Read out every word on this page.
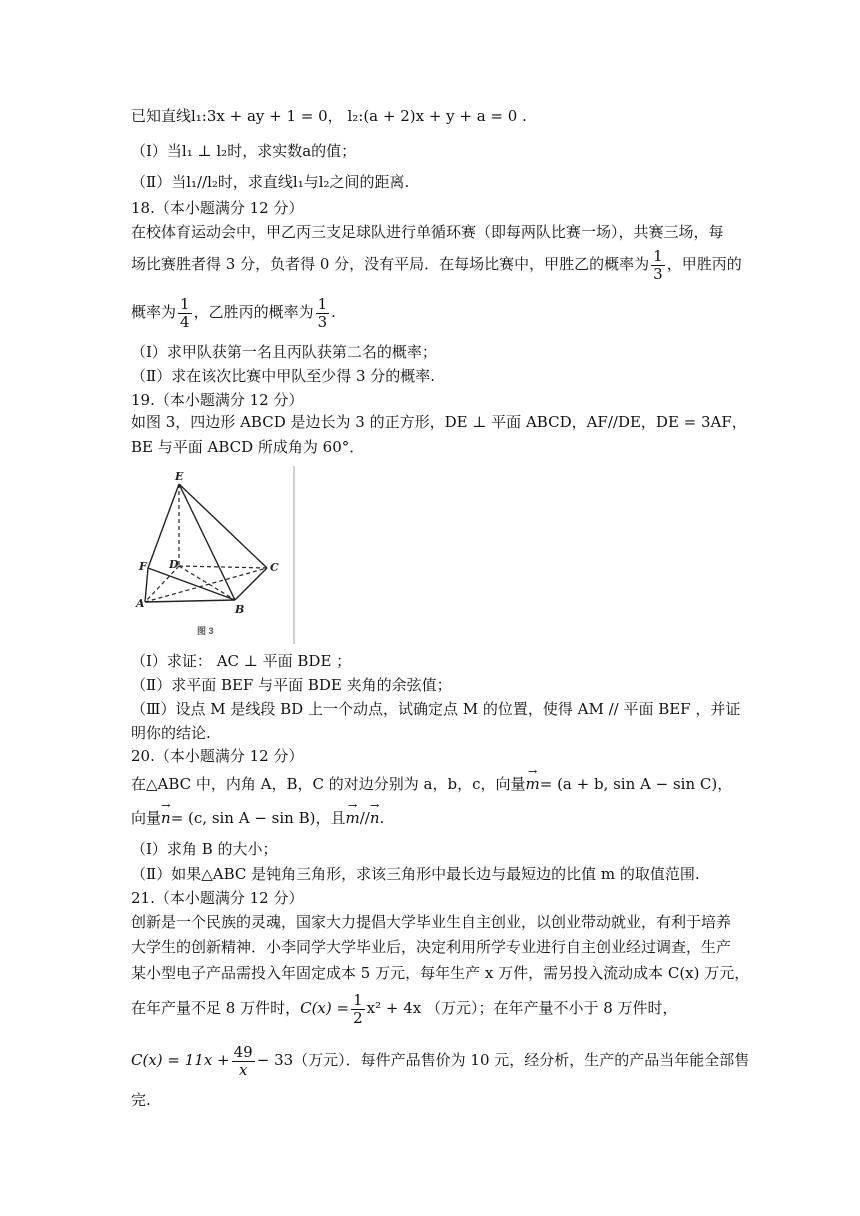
已知直线l₁:3x + ay + 1 = 0， l₂:(a + 2)x + y + a = 0 .
（Ⅰ）当l₁ ⊥ l₂时，求实数a的值；
（Ⅱ）当l₁//l₂时，求直线l₁与l₂之间的距离.
18.（本小题满分 12 分）
在校体育运动会中，甲乙丙三支足球队进行单循环赛（即每两队比赛一场），共赛三场，每
场比赛胜者得 3 分，负者得 0 分，没有平局．在每场比赛中，甲胜乙的概率为 $\frac{1}{3}$ ，甲胜丙的
概率为 $\frac{1}{4}$ ，乙胜丙的概率为 $\frac{1}{3}$ .
（Ⅰ）求甲队获第一名且丙队获第二名的概率；
（Ⅱ）求在该次比赛中甲队至少得 3 分的概率.
19.（本小题满分 12 分）
如图 3，四边形 ABCD 是边长为 3 的正方形，DE ⊥ 平面 ABCD，AF//DE，DE = 3AF，
BE 与平面 ABCD 所成角为 60°．
E
F D	C
A	B
图 3
（Ⅰ）求证： AC ⊥ 平面 BDE ；
（Ⅱ）求平面 BEF 与平面 BDE 夹角的余弦值；
（Ⅲ）设点 M 是线段 BD 上一个动点，试确定点 M 的位置，使得 AM // 平面 BEF ，并证
明你的结论.
20.（本小题满分 12 分）
在△ABC 中，内角 A，B，C 的对边分别为 a，b，c，向量→ m= (a + b, sin A − sin C)，
向量→ n= (c, sin A − sin B)，且→ m//→ n.
（Ⅰ）求角 B 的大小；
（Ⅱ）如果△ABC 是钝角三角形，求该三角形中最长边与最短边的比值 m 的取值范围.
21.（本小题满分 12 分）
创新是一个民族的灵魂，国家大力提倡大学毕业生自主创业，以创业带动就业，有利于培养
大学生的创新精神．小李同学大学毕业后，决定利用所学专业进行自主创业经过调查，生产
某小型电子产品需投入年固定成本 5 万元，每年生产 x 万件，需另投入流动成本 C(x) 万元，
在年产量不足 8 万件时，$C(x) = \frac{1}{2} x^2 + 4x$ （万元）；在年产量不小于 8 万件时，
$C(x) = 11x + \frac{49}{x} - 33$（万元）．每件产品售价为 10 元，经分析，生产的产品当年能全部售
完.
